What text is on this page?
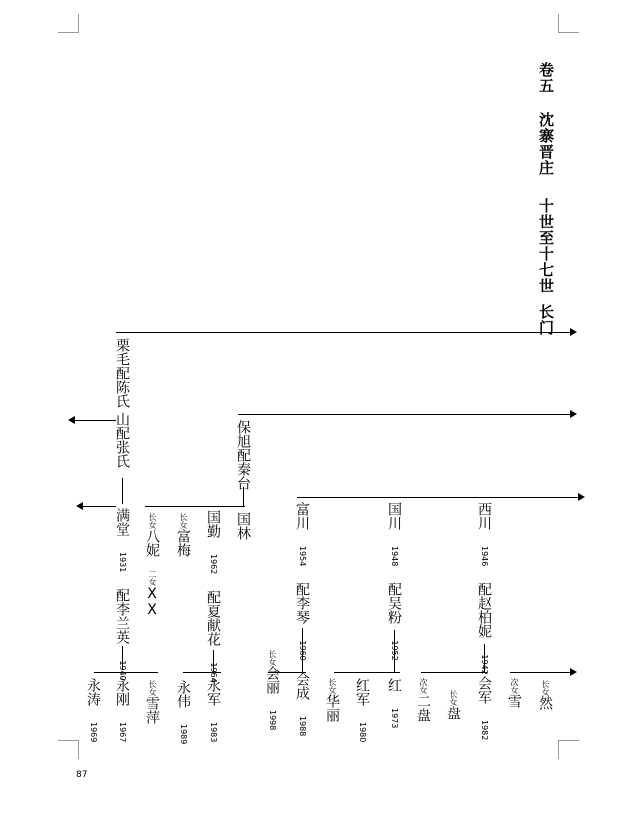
卷五沈寨晋庄十世至十七世长门
栗毛配陈氏
山配张氏	保旭配秦台
满堂 1931 配李兰英 1940
长女八妮
二女XX
长女富梅
国勤 1962 配夏献花 1964
国林	富川 1954 配李琴 1960
国川 1948 配吴粉 1952
西川 1946 配赵柏妮 1942
永涛 1969
永刚 1967
长女雪萍
永伟 1989
永军 1983
长女会丽 1998
会成 1988
长女华丽
红军 1980
红 1973
次女二盘	长女盘
会军 1982
次女雪
长女然
87
